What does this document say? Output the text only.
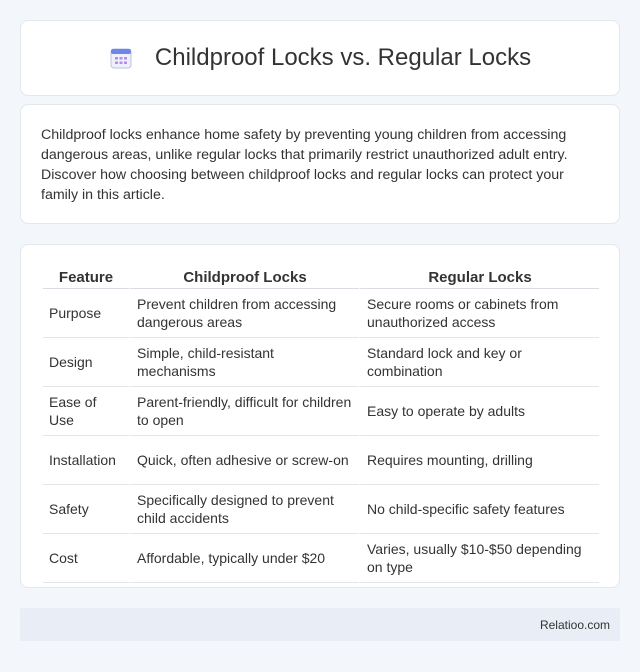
Childproof Locks vs. Regular Locks

Childproof locks enhance home safety by preventing young children from accessing dangerous areas, unlike regular locks that primarily restrict unauthorized adult entry. Discover how choosing between childproof locks and regular locks can protect your family in this article.

Feature	Childproof Locks	Regular Locks
Purpose	Prevent children from accessing dangerous areas	Secure rooms or cabinets from unauthorized access
Design	Simple, child-resistant mechanisms	Standard lock and key or combination
Ease of Use	Parent-friendly, difficult for children to open	Easy to operate by adults
Installation	Quick, often adhesive or screw-on	Requires mounting, drilling
Safety	Specifically designed to prevent child accidents	No child-specific safety features
Cost	Affordable, typically under $20	Varies, usually $10-$50 depending on type
Relatioo.com
